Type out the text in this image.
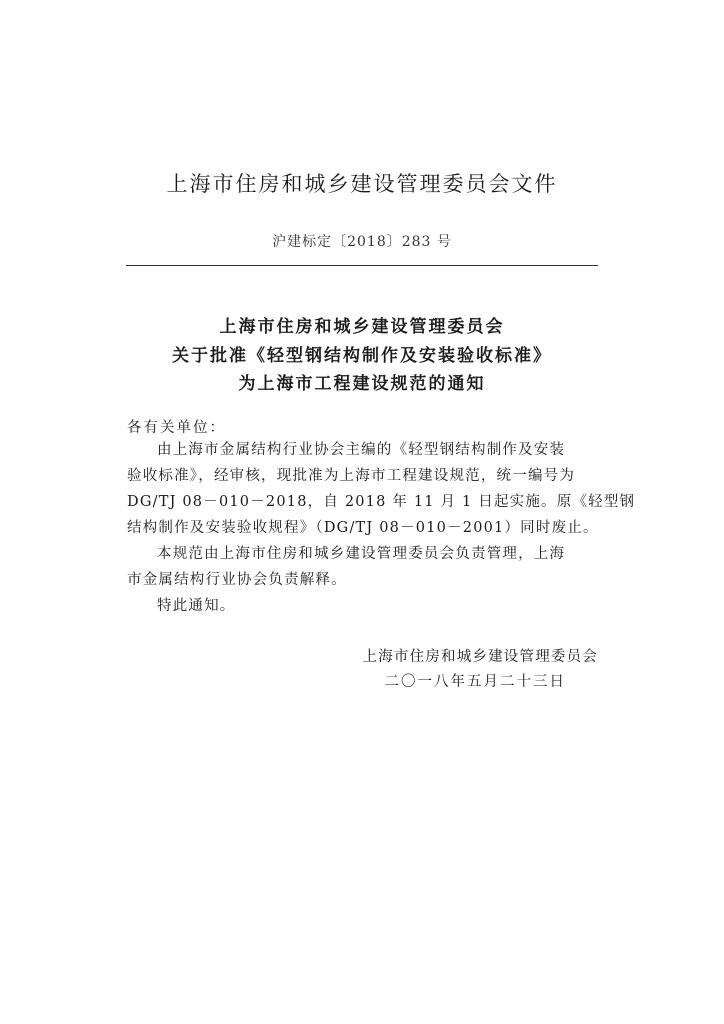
上海市住房和城乡建设管理委员会文件
沪建标定〔2018〕283 号
上海市住房和城乡建设管理委员会
关于批准《轻型钢结构制作及安装验收标准》
为上海市工程建设规范的通知
各有关单位：
由上海市金属结构行业协会主编的《轻型钢结构制作及安装
验收标准》，经审核，现批准为上海市工程建设规范，统一编号为
DG/TJ 08－010－2018，自 2018 年 11 月 1 日起实施。原《轻型钢
结构制作及安装验收规程》（DG/TJ 08－010－2001）同时废止。
本规范由上海市住房和城乡建设管理委员会负责管理，上海
市金属结构行业协会负责解释。
特此通知。
上海市住房和城乡建设管理委员会
二〇一八年五月二十三日
